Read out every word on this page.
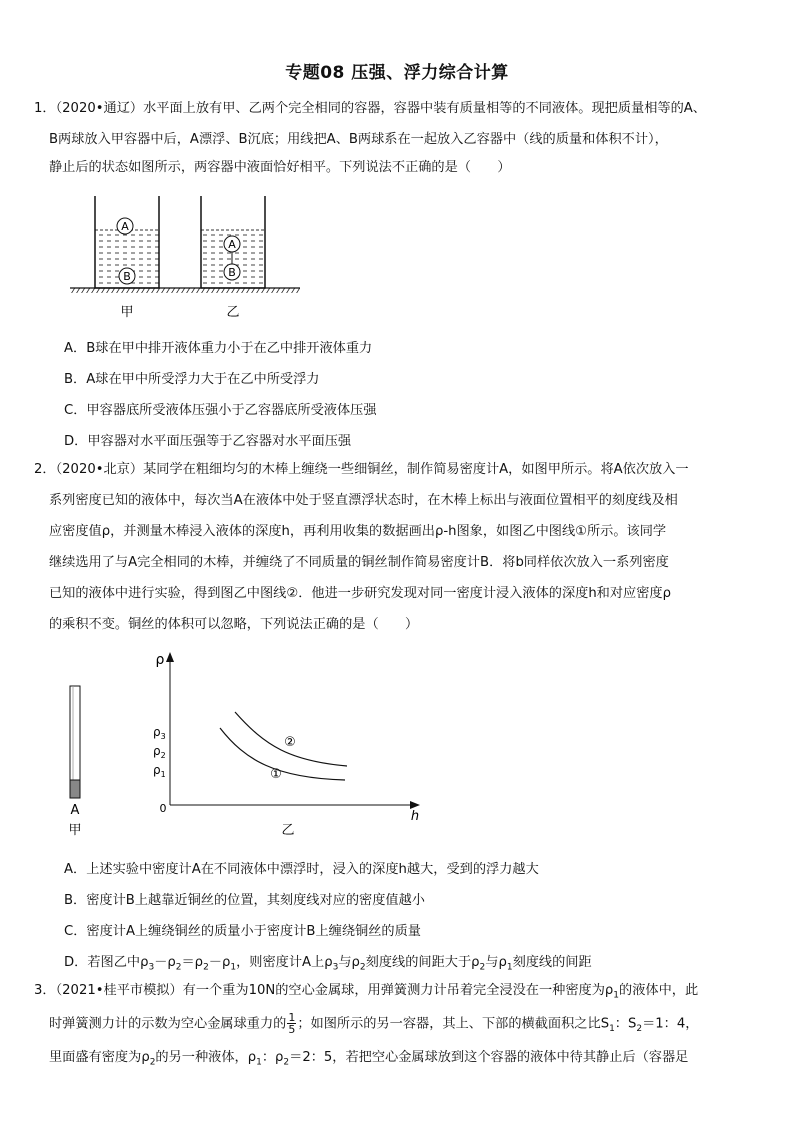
专题08 压强、浮力综合计算
1．（2020•通辽）水平面上放有甲、乙两个完全相同的容器，容器中装有质量相等的不同液体。现把质量相等的A、
B两球放入甲容器中后，A漂浮、B沉底；用线把A、B两球系在一起放入乙容器中（线的质量和体积不计），
静止后的状态如图所示，两容器中液面恰好相平。下列说法不正确的是（　　）
A
B
A
B
甲	乙
A．B球在甲中排开液体重力小于在乙中排开液体重力
B．A球在甲中所受浮力大于在乙中所受浮力
C．甲容器底所受液体压强小于乙容器底所受液体压强
D．甲容器对水平面压强等于乙容器对水平面压强
2．（2020•北京）某同学在粗细均匀的木棒上缠绕一些细铜丝，制作简易密度计A，如图甲所示。将A依次放入一
系列密度已知的液体中，每次当A在液体中处于竖直漂浮状态时，在木棒上标出与液面位置相平的刻度线及相
应密度值ρ，并测量木棒浸入液体的深度h，再利用收集的数据画出ρ-h图象，如图乙中图线①所示。该同学
继续选用了与A完全相同的木棒，并缠绕了不同质量的铜丝制作简易密度计B．将b同样依次放入一系列密度
已知的液体中进行实验，得到图乙中图线②．他进一步研究发现对同一密度计浸入液体的深度h和对应密度ρ
的乘积不变。铜丝的体积可以忽略，下列说法正确的是（　　）
A
甲
ρ
h
0
$\rho_3$
$\rho_2$
$\rho_1$	①
②
乙
A．上述实验中密度计A在不同液体中漂浮时，浸入的深度h越大，受到的浮力越大
B．密度计B上越靠近铜丝的位置，其刻度线对应的密度值越小
C．密度计A上缠绕铜丝的质量小于密度计B上缠绕铜丝的质量
D．若图乙中$\rho_3-\rho_2=\rho_2-\rho_1$，则密度计A上$\rho_3$与$\rho_2$刻度线的间距大于$\rho_2$与$\rho_1$刻度线的间距
3．（2021•桂平市模拟）有一个重为10N的空心金属球，用弹簧测力计吊着完全浸没在一种密度为$\rho_1$的液体中，此
时弹簧测力计的示数为空心金属球重力的 $\frac{1}{5}$ ；如图所示的另一容器，其上、下部的横截面积之比$S_1$：$S_2=1$：4，
里面盛有密度为$\rho_2$的另一种液体，$\rho_1$：$\rho_2=2$：5，若把空心金属球放到这个容器的液体中待其静止后（容器足
